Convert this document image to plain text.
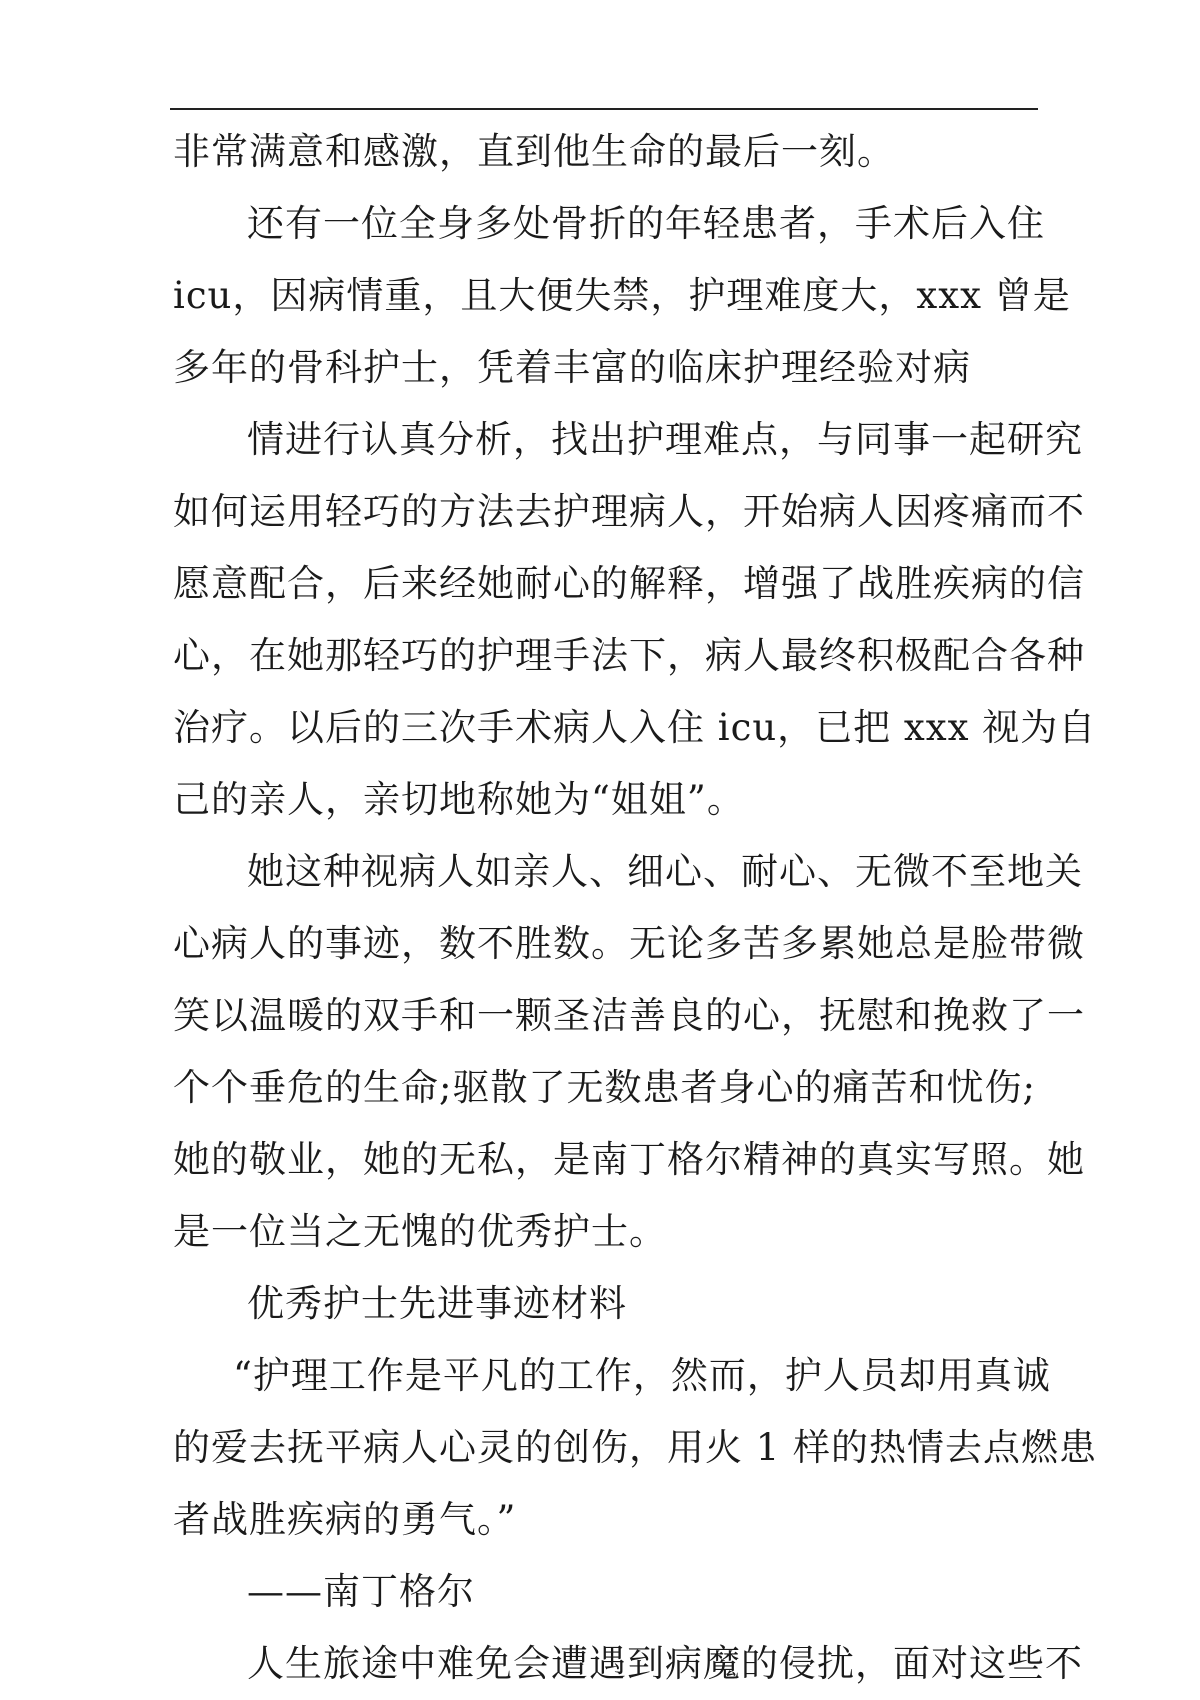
非常满意和感激，直到他生命的最后一刻。
还有一位全身多处骨折的年轻患者，手术后入住
icu，因病情重，且大便失禁，护理难度大，xxx 曾是
多年的骨科护士，凭着丰富的临床护理经验对病
情进行认真分析，找出护理难点，与同事一起研究
如何运用轻巧的方法去护理病人，开始病人因疼痛而不
愿意配合，后来经她耐心的解释，增强了战胜疾病的信
心，在她那轻巧的护理手法下，病人最终积极配合各种
治疗。以后的三次手术病人入住 icu，已把 xxx 视为自
己的亲人，亲切地称她为“姐姐”。
她这种视病人如亲人、细心、耐心、无微不至地关
心病人的事迹，数不胜数。无论多苦多累她总是脸带微
笑以温暖的双手和一颗圣洁善良的心，抚慰和挽救了一
个个垂危的生命;驱散了无数患者身心的痛苦和忧伤;
她的敬业，她的无私，是南丁格尔精神的真实写照。她
是一位当之无愧的优秀护士。
优秀护士先进事迹材料
“护理工作是平凡的工作，然而，护人员却用真诚
的爱去抚平病人心灵的创伤，用火 1 样的热情去点燃患
者战胜疾病的勇气。”
——南丁格尔
人生旅途中难免会遭遇到病魔的侵扰，面对这些不
